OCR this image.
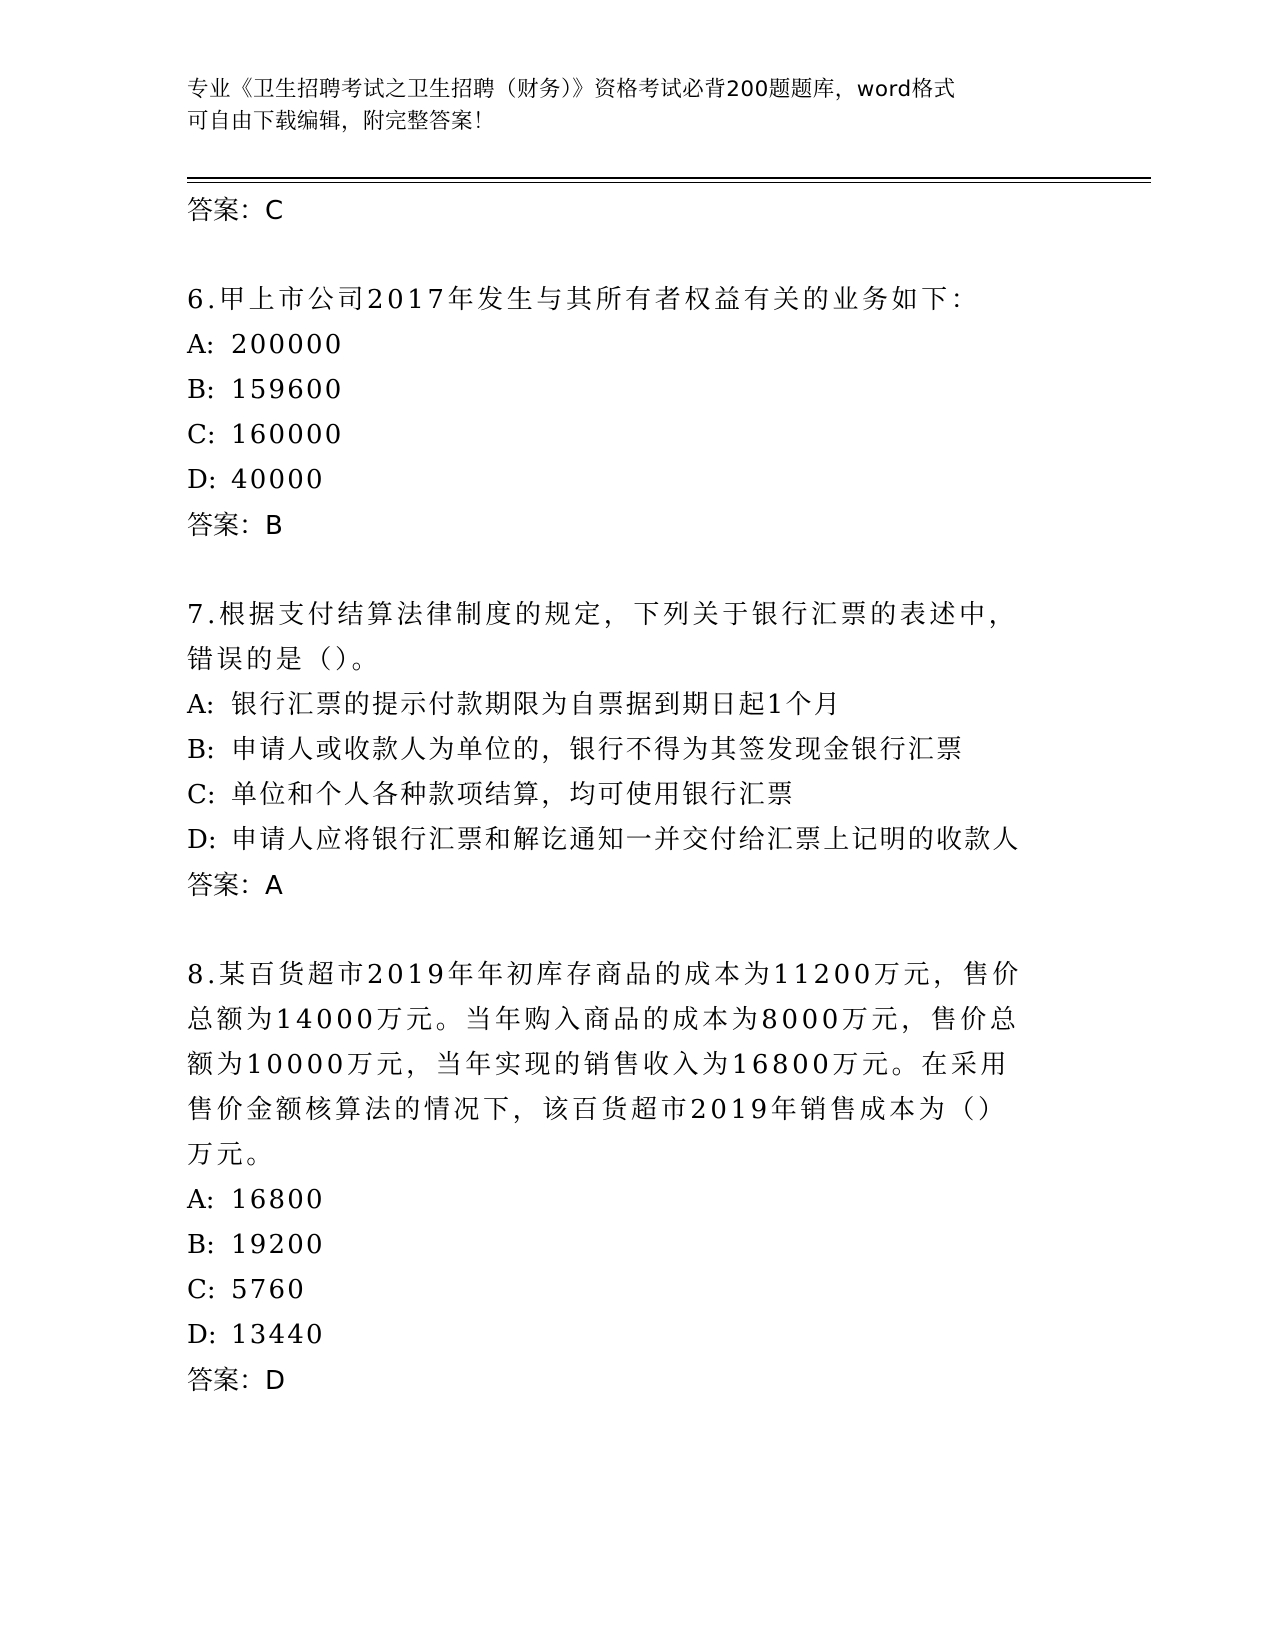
专业《卫生招聘考试之卫生招聘（财务）》资格考试必背200题题库，word格式
可自由下载编辑，附完整答案！
答案：C
6.甲上市公司2017年发生与其所有者权益有关的业务如下：
A: 200000
B: 159600
C: 160000
D: 40000
答案：B
7.根据支付结算法律制度的规定，下列关于银行汇票的表述中，错误的是（）。
A: 银行汇票的提示付款期限为自票据到期日起1个月
B: 申请人或收款人为单位的，银行不得为其签发现金银行汇票
C: 单位和个人各种款项结算，均可使用银行汇票
D: 申请人应将银行汇票和解讫通知一并交付给汇票上记明的收款人
答案：A
8.某百货超市2019年年初库存商品的成本为11200万元，售价总额为14000万元。当年购入商品的成本为8000万元，售价总额为10000万元，当年实现的销售收入为16800万元。在采用售价金额核算法的情况下，该百货超市2019年销售成本为（）万元。
A: 16800
B: 19200
C: 5760
D: 13440
答案：D
